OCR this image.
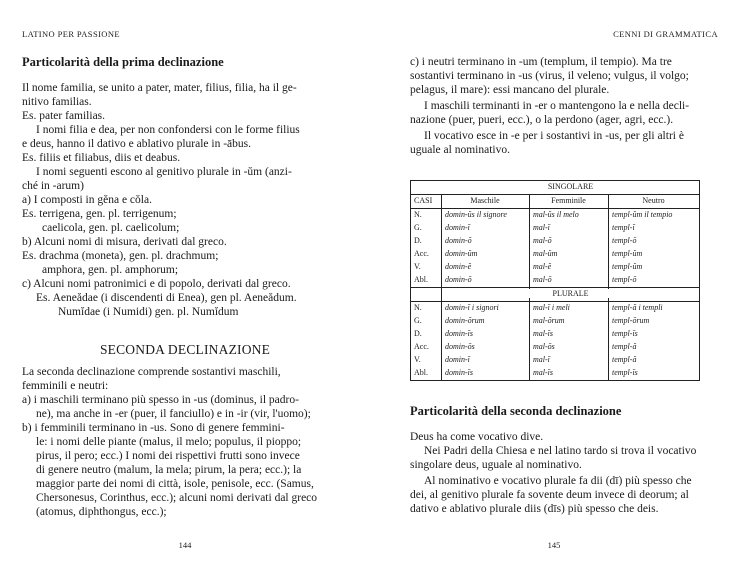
LATINO PER PASSIONE
Particolarità della prima declinazione
Il nome familia, se unito a pater, mater, filius, filia, ha il ge-
nitivo familias.
Es. pater familias.
I nomi filia e dea, per non confondersi con le forme filius
e deus, hanno il dativo e ablativo plurale in -ābus.
Es. filiis et filiabus, diis et deabus.
I nomi seguenti escono al genitivo plurale in -ŭm (anzi-
ché in -arum)
a) I composti in gĕna e cŏla.
Es. terrigena, gen. pl. terrigenum;
caelicola, gen. pl. caelicolum;
b) Alcuni nomi di misura, derivati dal greco.
Es. drachma (moneta), gen. pl. drachmum;
amphora, gen. pl. amphorum;
c) Alcuni nomi patronimici e di popolo, derivati dal greco.
Es. Aeneădae (i discendenti di Enea), gen pl. Aeneădum.
Numĭdae (i Numidi) gen. pl. Numĭdum
SECONDA DECLINAZIONE
La seconda declinazione comprende sostantivi maschili,
femminili e neutri:
a) i maschili terminano più spesso in -us (dominus, il padro-
ne), ma anche in -er (puer, il fanciullo) e in -ir (vir, l'uomo);
b) i femminili terminano in -us. Sono di genere femmini-
le: i nomi delle piante (malus, il melo; populus, il pioppo;
pirus, il pero; ecc.) I nomi dei rispettivi frutti sono invece
di genere neutro (malum, la mela; pirum, la pera; ecc.); la
maggior parte dei nomi di città, isole, penisole, ecc. (Samus,
Chersonesus, Corinthus, ecc.); alcuni nomi derivati dal greco
(atomus, diphthongus, ecc.);
144
CENNI DI GRAMMATICA
c) i neutri terminano in -um (templum, il tempio). Ma tre
sostantivi terminano in -us (virus, il veleno; vulgus, il volgo;
pelagus, il mare): essi mancano del plurale.
I maschili terminanti in -er o mantengono la e nella decli-
nazione (puer, pueri, ecc.), o la perdono (ager, agri, ecc.).
Il vocativo esce in -e per i sostantivi in -us, per gli altri è
uguale al nominativo.
SINGOLARE
CASI	Maschile	Femminile	Neutro
N.	domin-ŭs il signore	mal-ŭs il melo	templ-ŭm il tempio
G.	domin-ī	mal-ī	templ-ī
D.	domin-ō	mal-ō	templ-ō
Acc. domin-ŭm	mal-ŭm	templ-ŭm
V.	domin-ĕ	mal-ĕ	templ-ŭm
Abl. domin-ō	mal-ō	templ-ō
PLURALE
N.	domin-ī i signori	mal-ī i meli	templ-ă i templi
G.	domin-ōrum	mal-ōrum	templ-ōrum
D.	domin-īs	mal-īs	templ-īs
Acc. domin-ōs	mal-ōs	templ-ă
V.	domin-ī	mal-ī	templ-ă
Abl. domin-īs	mal-īs	templ-īs
Particolarità della seconda declinazione
Deus ha come vocativo dive.
Nei Padri della Chiesa e nel latino tardo si trova il vocativo
singolare deus, uguale al nominativo.
Al nominativo e vocativo plurale fa dii (dī) più spesso che
dei, al genitivo plurale fa sovente deum invece di deorum; al
dativo e ablativo plurale diis (dīs) più spesso che deis.
145
